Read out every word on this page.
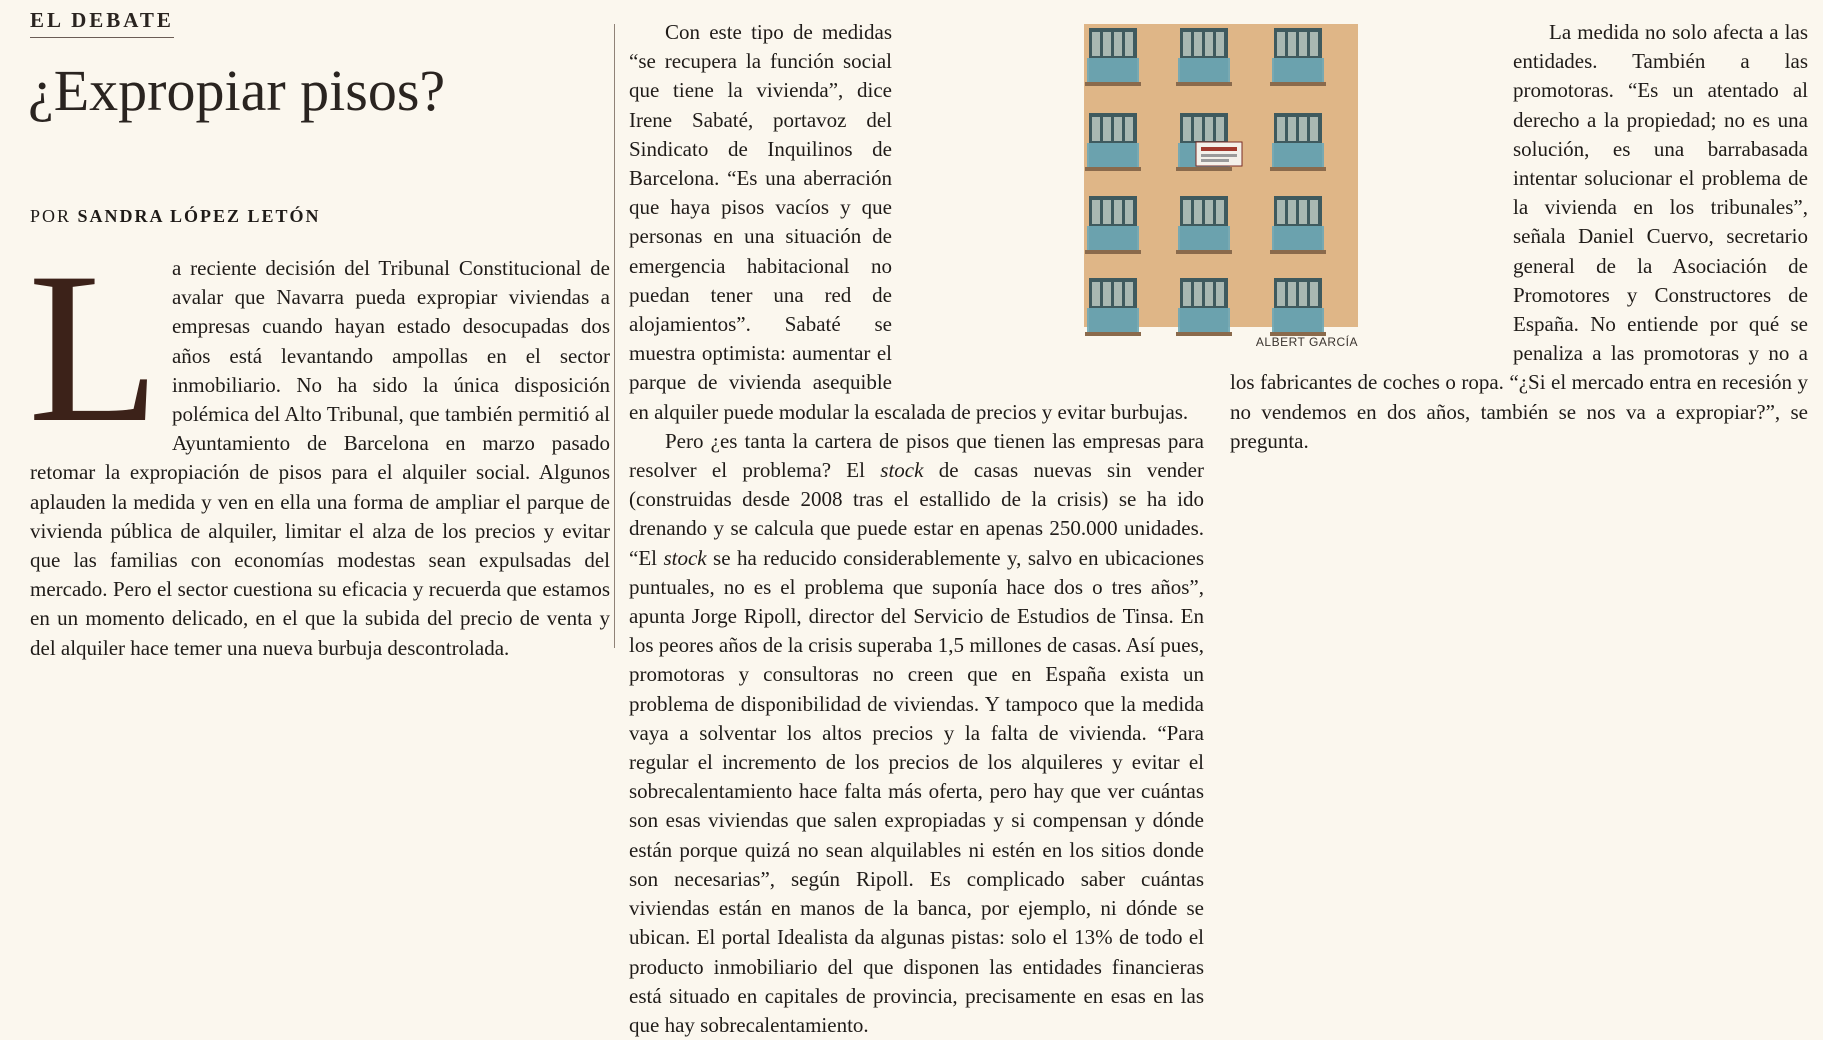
EL DEBATE
¿Expropiar pisos?
POR SANDRA LÓPEZ LETÓN
L a reciente decisión del Tribunal Constitucional de avalar que Navarra pueda expropiar viviendas a empresas cuando hayan estado desocupadas dos años está levantando ampollas en el sector inmobiliario. No ha sido la única disposición polémica del Alto Tribunal, que también permitió al Ayuntamiento de Barcelona en marzo pasado retomar la expropiación de pisos para el alquiler social. Algunos aplauden la medida y ven en ella una forma de ampliar el parque de vivienda pública de alquiler, limitar el alza de los precios y evitar que las familias con economías modestas sean expulsadas del mercado. Pero el sector cuestiona su eficacia y recuerda que estamos en un momento delicado, en el que la subida del precio de venta y del alquiler hace temer una nueva burbuja descontrolada.

Con este tipo de medidas “se recupera la función social que tiene la vivienda”, dice Irene Sabaté, portavoz del Sindicato de Inquilinos de Barcelona. “Es una aberración que haya pisos vacíos y que personas en una situación de emergencia habitacional no puedan tener una red de alojamientos”. Sabaté se muestra optimista: aumentar el parque de vivienda asequible en alquiler puede modular la escalada de precios y evitar burbujas.

Pero ¿es tanta la cartera de pisos que tienen las empresas para resolver el problema? El stock de casas nuevas sin vender (construidas desde 2008 tras el estallido de la crisis) se ha ido drenando y se calcula que puede estar en apenas 250.000 unidades. “El stock se ha reducido considerablemente y, salvo en ubicaciones puntuales, no es el problema que suponía hace dos o tres años”, apunta Jorge Ripoll, director del Servicio de Estudios de Tinsa. En los peores años de la crisis superaba 1,5 millones de casas. Así pues, promotoras y consultoras no creen que en España exista un problema de disponibilidad de viviendas. Y tampoco que la medida vaya a solventar los altos precios y la falta de vivienda. “Para regular el incremento de los precios de los alquileres y evitar el sobrecalentamiento hace falta más oferta, pero hay que ver cuántas son esas viviendas que salen expropiadas y si compensan y dónde están porque quizá no sean alquilables ni estén en los sitios donde son necesarias”, según Ripoll. Es complicado saber cuántas viviendas están en manos de la banca, por ejemplo, ni dónde se ubican. El portal Idealista da algunas pistas: solo el 13% de todo el producto inmobiliario del que disponen las entidades financieras está situado en capitales de provincia, precisamente en esas en las que hay sobrecalentamiento.

La medida no solo afecta a las entidades. También a las promotoras. “Es un atentado al derecho a la propiedad; no es una solución, es una barrabasada intentar solucionar el problema de la vivienda en los tribunales”, señala Daniel Cuervo, secretario general de la Asociación de Promotores y Constructores de España. No entiende por qué se penaliza a las promotoras y no a los fabricantes de coches o ropa. “¿Si el mercado entra en recesión y no vendemos en dos años, también se nos va a expropiar?”, se pregunta.

ALBERT GARCÍA
